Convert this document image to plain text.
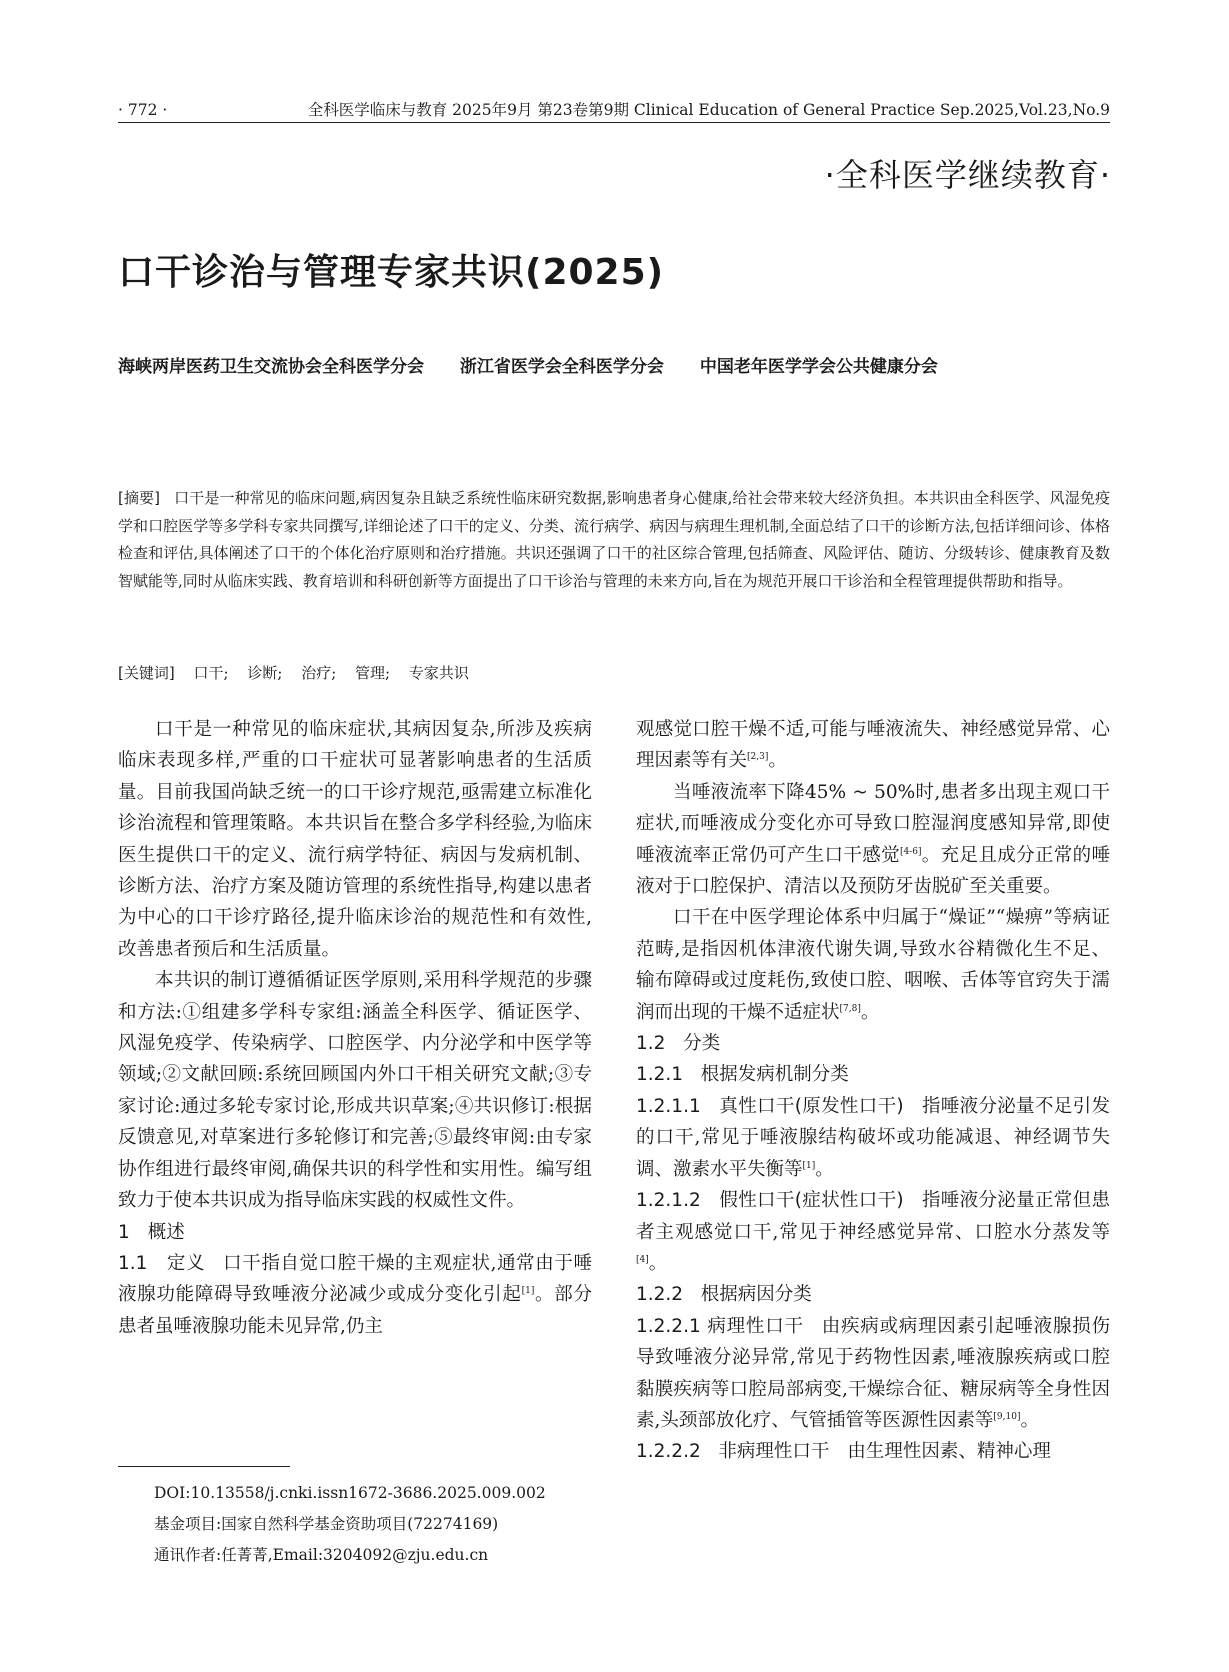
· 772 ·	全科医学临床与教育 2025年9月 第23卷第9期 Clinical Education of General Practice Sep.2025,Vol.23,No.9
·全科医学继续教育·
口干诊治与管理专家共识(2025)
海峡两岸医药卫生交流协会全科医学分会 浙江省医学会全科医学分会 中国老年医学学会公共健康分会
[摘要] 口干是一种常见的临床问题,病因复杂且缺乏系统性临床研究数据,影响患者身心健康,给社会带来较大经济负担。本共识由全科医学、风湿免疫学和口腔医学等多学科专家共同撰写,详细论述了口干的定义、分类、流行病学、病因与病理生理机制,全面总结了口干的诊断方法,包括详细问诊、体格检查和评估,具体阐述了口干的个体化治疗原则和治疗措施。共识还强调了口干的社区综合管理,包括筛查、风险评估、随访、分级转诊、健康教育及数智赋能等,同时从临床实践、教育培训和科研创新等方面提出了口干诊治与管理的未来方向,旨在为规范开展口干诊治和全程管理提供帮助和指导。
[关键词] 口干; 诊断; 治疗; 管理; 专家共识

口干是一种常见的临床症状,其病因复杂,所涉及疾病临床表现多样,严重的口干症状可显著影响患者的生活质量。目前我国尚缺乏统一的口干诊疗规范,亟需建立标准化诊治流程和管理策略。本共识旨在整合多学科经验,为临床医生提供口干的定义、流行病学特征、病因与发病机制、诊断方法、治疗方案及随访管理的系统性指导,构建以患者为中心的口干诊疗路径,提升临床诊治的规范性和有效性,改善患者预后和生活质量。

本共识的制订遵循循证医学原则,采用科学规范的步骤和方法:①组建多学科专家组:涵盖全科医学、循证医学、风湿免疫学、传染病学、口腔医学、内分泌学和中医学等领域;②文献回顾:系统回顾国内外口干相关研究文献;③专家讨论:通过多轮专家讨论,形成共识草案;④共识修订:根据反馈意见,对草案进行多轮修订和完善;⑤最终审阅:由专家协作组进行最终审阅,确保共识的科学性和实用性。编写组致力于使本共识成为指导临床实践的权威性文件。

1 概述

1.1 定义 口干指自觉口腔干燥的主观症状,通常由于唾液腺功能障碍导致唾液分泌减少或成分变化引起[1]。部分患者虽唾液腺功能未见异常,仍主

观感觉口腔干燥不适,可能与唾液流失、神经感觉异常、心理因素等有关[2,3]。

当唾液流率下降45% ~ 50%时,患者多出现主观口干症状,而唾液成分变化亦可导致口腔湿润度感知异常,即使唾液流率正常仍可产生口干感觉[4-6]。充足且成分正常的唾液对于口腔保护、清洁以及预防牙齿脱矿至关重要。

口干在中医学理论体系中归属于“燥证”“燥痹”等病证范畴,是指因机体津液代谢失调,导致水谷精微化生不足、输布障碍或过度耗伤,致使口腔、咽喉、舌体等官窍失于濡润而出现的干燥不适症状[7,8]。

1.2 分类

1.2.1 根据发病机制分类

1.2.1.1 真性口干(原发性口干) 指唾液分泌量不足引发的口干,常见于唾液腺结构破坏或功能减退、神经调节失调、激素水平失衡等[1]。

1.2.1.2 假性口干(症状性口干) 指唾液分泌量正常但患者主观感觉口干,常见于神经感觉异常、口腔水分蒸发等[4]。

1.2.2 根据病因分类

1.2.2.1 病理性口干 由疾病或病理因素引起唾液腺损伤导致唾液分泌异常,常见于药物性因素,唾液腺疾病或口腔黏膜疾病等口腔局部病变,干燥综合征、糖尿病等全身性因素,头颈部放化疗、气管插管等医源性因素等[9,10]。

1.2.2.2 非病理性口干 由生理性因素、精神心理

DOI:10.13558/j.cnki.issn1672-3686.2025.009.002
基金项目:国家自然科学基金资助项目(72274169)
通讯作者:任菁菁,Email:3204092@zju.edu.cn
